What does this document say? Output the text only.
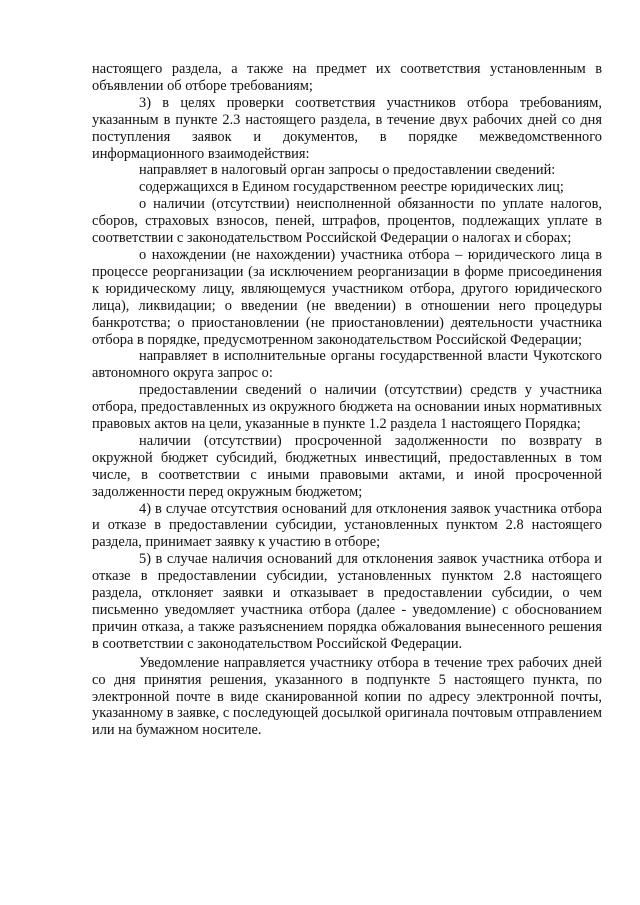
настоящего раздела, а также на предмет их соответствия установленным в объявлении об отборе требованиям;

3) в целях проверки соответствия участников отбора требованиям, указанным в пункте 2.3 настоящего раздела, в течение двух рабочих дней со дня поступления заявок и документов, в порядке межведомственного информационного взаимодействия:

направляет в налоговый орган запросы о предоставлении сведений:

содержащихся в Едином государственном реестре юридических лиц;

о наличии (отсутствии) неисполненной обязанности по уплате налогов, сборов, страховых взносов, пеней, штрафов, процентов, подлежащих уплате в соответствии с законодательством Российской Федерации о налогах и сборах;

о нахождении (не нахождении) участника отбора – юридического лица в процессе реорганизации (за исключением реорганизации в форме присоединения к юридическому лицу, являющемуся участником отбора, другого юридического лица), ликвидации; о введении (не введении) в отношении него процедуры банкротства; о приостановлении (не приостановлении) деятельности участника отбора в порядке, предусмотренном законодательством Российской Федерации;

направляет в исполнительные органы государственной власти Чукотского автономного округа запрос о:

предоставлении сведений о наличии (отсутствии) средств у участника отбора, предоставленных из окружного бюджета на основании иных нормативных правовых актов на цели, указанные в пункте 1.2 раздела 1 настоящего Порядка;

наличии (отсутствии) просроченной задолженности по возврату в окружной бюджет субсидий, бюджетных инвестиций, предоставленных в том числе, в соответствии с иными правовыми актами, и иной просроченной задолженности перед окружным бюджетом;

4) в случае отсутствия оснований для отклонения заявок участника отбора и отказе в предоставлении субсидии, установленных пунктом 2.8 настоящего раздела, принимает заявку к участию в отборе;

5) в случае наличия оснований для отклонения заявок участника отбора и отказе в предоставлении субсидии, установленных пунктом 2.8 настоящего раздела, отклоняет заявки и отказывает в предоставлении субсидии, о чем письменно уведомляет участника отбора (далее - уведомление) с обоснованием причин отказа, а также разъяснением порядка обжалования вынесенного решения в соответствии с законодательством Российской Федерации.

Уведомление направляется участнику отбора в течение трех рабочих дней со дня принятия решения, указанного в подпункте 5 настоящего пункта, по электронной почте в виде сканированной копии по адресу электронной почты, указанному в заявке, с последующей досылкой оригинала почтовым отправлением или на бумажном носителе.
